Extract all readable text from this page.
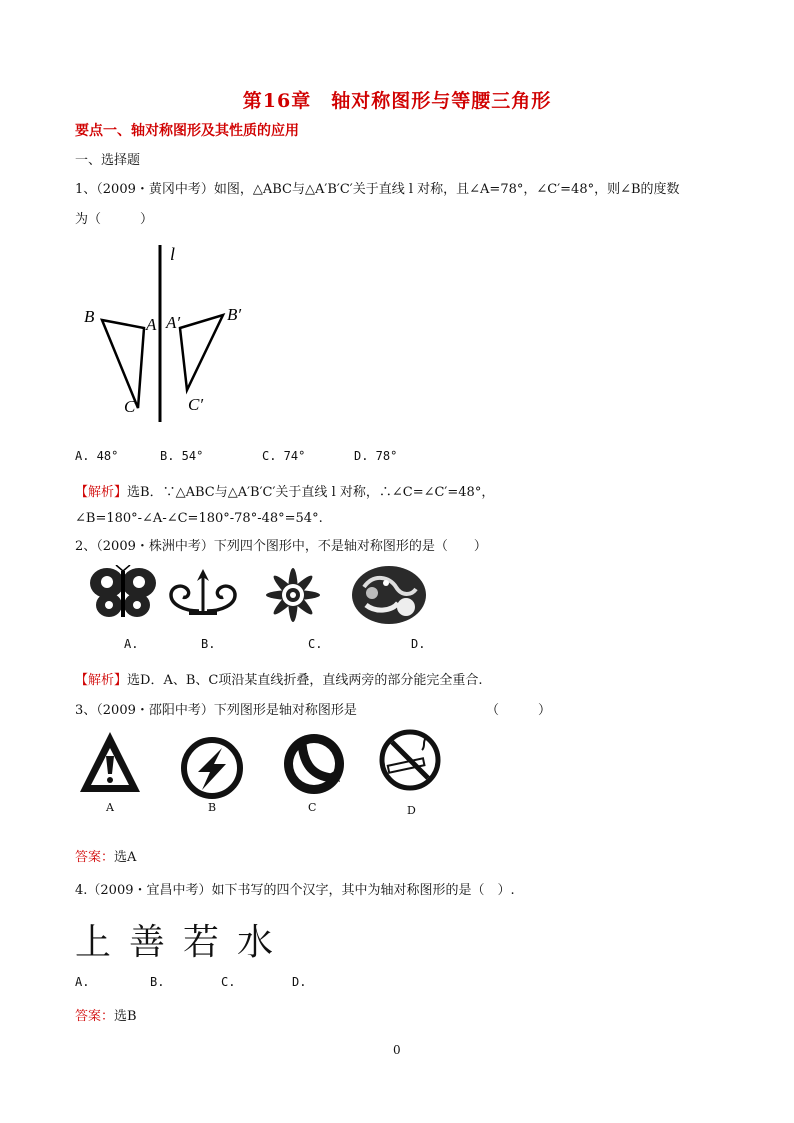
第16章　轴对称图形与等腰三角形
要点一、轴对称图形及其性质的应用
一、选择题
1、（2009・黄冈中考）如图，△ABC与△A′B′C′关于直线 l 对称，且∠A=78°，∠C′=48°，则∠B的度数
为（　　　）
l
B	A A′	B′
C	C′
A. 48°	B. 54°	C. 74°	D. 78°
【解析】选B．∵△ABC与△A′B′C′关于直线 l 对称，∴∠C=∠C′=48°，
∠B=180°-∠A-∠C=180°-78°-48°=54°.
2、（2009・株洲中考）下列四个图形中，不是轴对称图形的是（　　）
A.	B.	C.	D.
【解析】选D．A、B、C项沿某直线折叠，直线两旁的部分能完全重合.
3、（2009・邵阳中考）下列图形是轴对称图形是	（　　　）
A	B	C	D
答案：选A
4.（2009・宜昌中考）如下书写的四个汉字，其中为轴对称图形的是（　）.
上 善 若 水
A.	B.	C.	D.
答案：选B
0
